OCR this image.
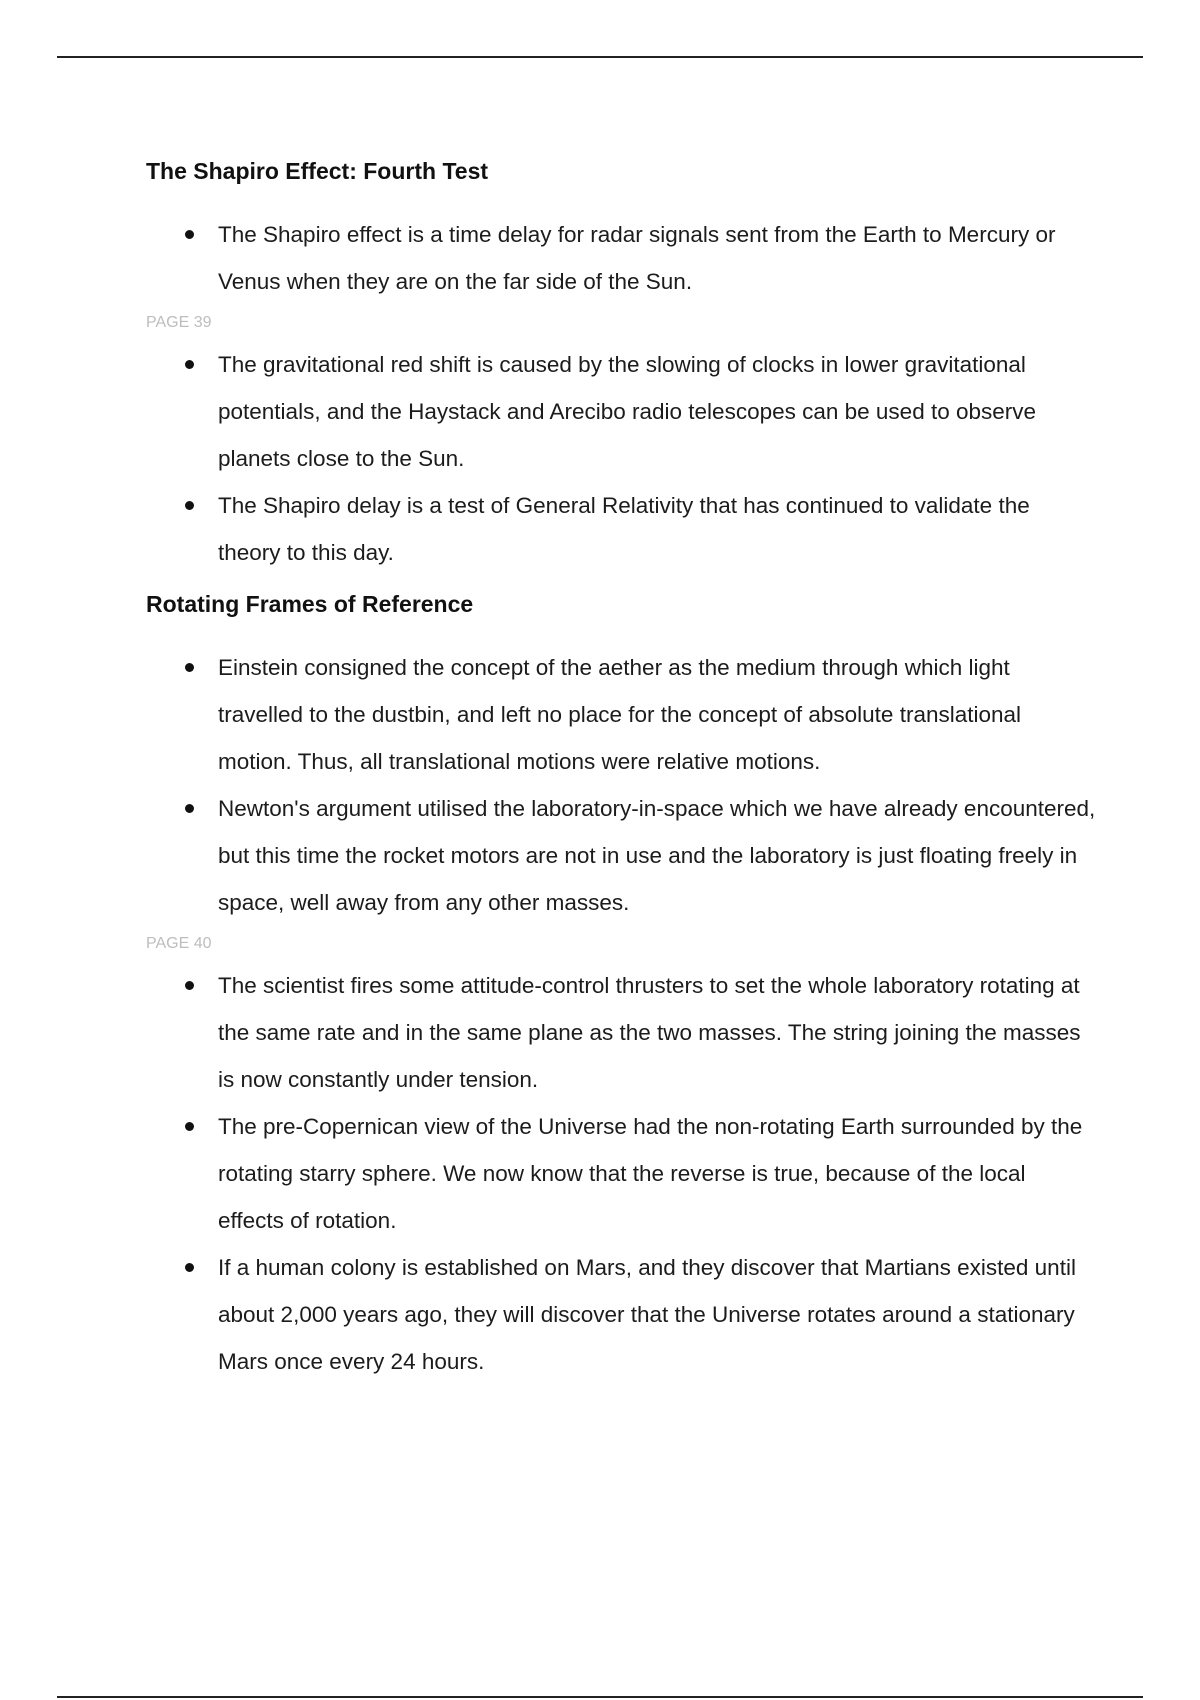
The Shapiro Effect: Fourth Test
The Shapiro effect is a time delay for radar signals sent from the Earth to Mercury or Venus when they are on the far side of the Sun.
PAGE 39
The gravitational red shift is caused by the slowing of clocks in lower gravitational potentials, and the Haystack and Arecibo radio telescopes can be used to observe planets close to the Sun.
The Shapiro delay is a test of General Relativity that has continued to validate the theory to this day.
Rotating Frames of Reference
Einstein consigned the concept of the aether as the medium through which light travelled to the dustbin, and left no place for the concept of absolute translational motion. Thus, all translational motions were relative motions.
Newton's argument utilised the laboratory-in-space which we have already encountered, but this time the rocket motors are not in use and the laboratory is just floating freely in space, well away from any other masses.
PAGE 40
The scientist fires some attitude-control thrusters to set the whole laboratory rotating at the same rate and in the same plane as the two masses. The string joining the masses is now constantly under tension.
The pre-Copernican view of the Universe had the non-rotating Earth surrounded by the rotating starry sphere. We now know that the reverse is true, because of the local effects of rotation.
If a human colony is established on Mars, and they discover that Martians existed until about 2,000 years ago, they will discover that the Universe rotates around a stationary Mars once every 24 hours.
